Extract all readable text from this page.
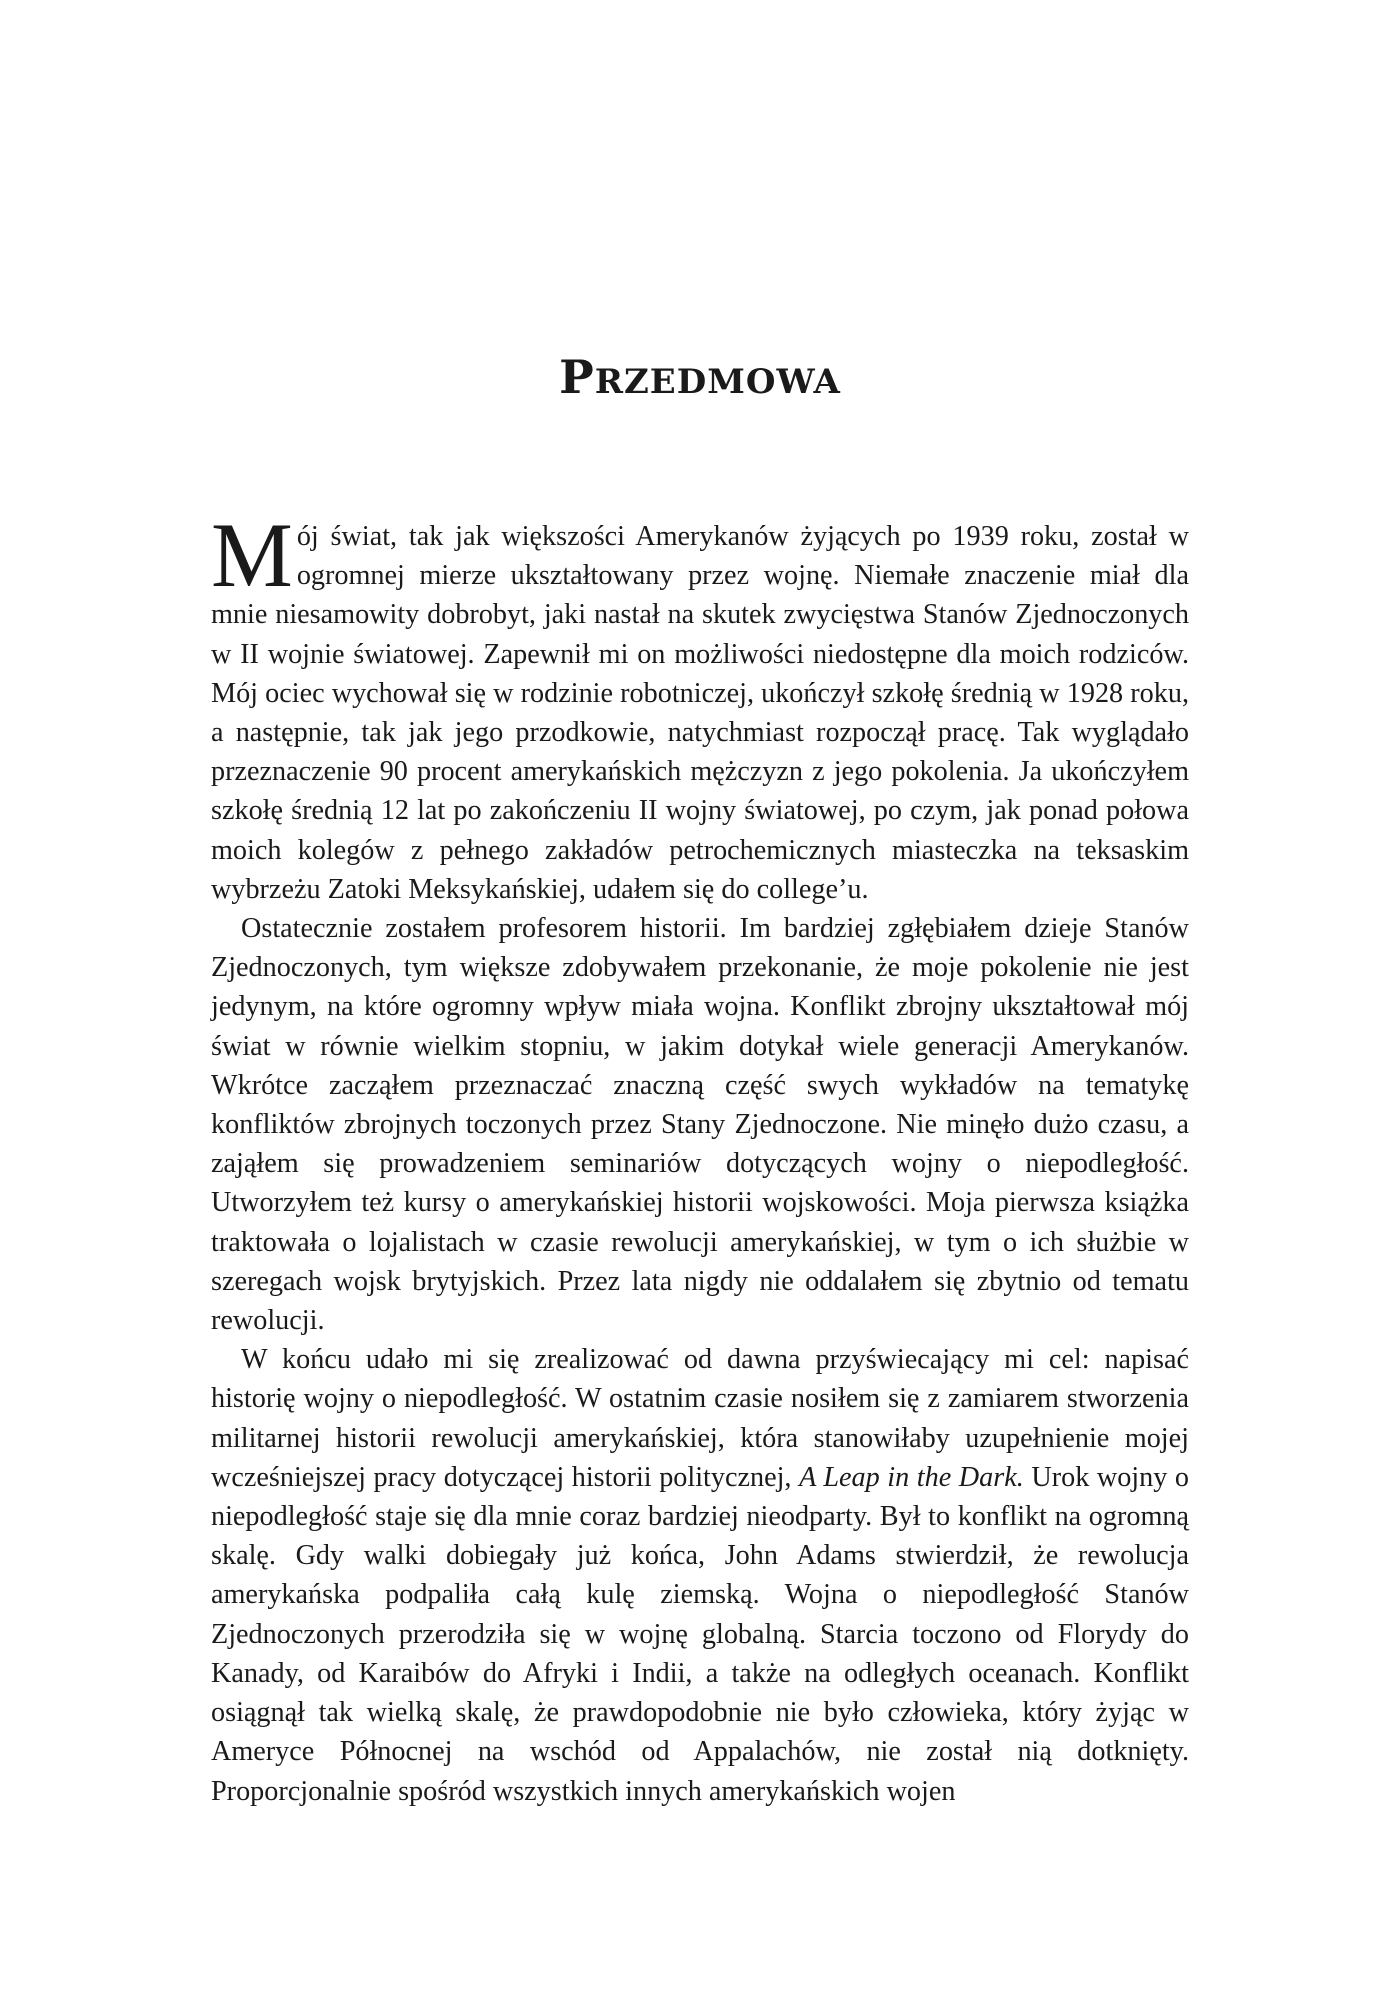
PRZEDMOWA

Mój świat, tak jak większości Amerykanów żyjących po 1939 roku, został w ogromnej mierze ukształtowany przez wojnę. Niemałe znaczenie miał dla mnie niesamowity dobrobyt, jaki nastał na skutek zwycięstwa Stanów Zjednoczonych w II wojnie światowej. Zapewnił mi on możliwości niedostępne dla moich rodziców. Mój ociec wychował się w rodzinie robotniczej, ukończył szkołę średnią w 1928 roku, a następnie, tak jak jego przodkowie, natychmiast rozpoczął pracę. Tak wyglądało przeznaczenie 90 procent amerykańskich mężczyzn z jego pokolenia. Ja ukończyłem szkołę średnią 12 lat po zakończeniu II wojny światowej, po czym, jak ponad połowa moich kolegów z pełnego zakładów petrochemicznych miasteczka na teksaskim wybrzeżu Zatoki Meksykańskiej, udałem się do college’u.

Ostatecznie zostałem profesorem historii. Im bardziej zgłębiałem dzieje Stanów Zjednoczonych, tym większe zdobywałem przekonanie, że moje pokolenie nie jest jedynym, na które ogromny wpływ miała wojna. Konflikt zbrojny ukształtował mój świat w równie wielkim stopniu, w jakim dotykał wiele generacji Amerykanów. Wkrótce zacząłem przeznaczać znaczną część swych wykładów na tematykę konfliktów zbrojnych toczonych przez Stany Zjednoczone. Nie minęło dużo czasu, a zająłem się prowadzeniem seminariów dotyczących wojny o niepodległość. Utworzyłem też kursy o amerykańskiej historii wojskowości. Moja pierwsza książka traktowała o lojalistach w czasie rewolucji amerykańskiej, w tym o ich służbie w szeregach wojsk brytyjskich. Przez lata nigdy nie oddalałem się zbytnio od tematu rewolucji.

W końcu udało mi się zrealizować od dawna przyświecający mi cel: napisać historię wojny o niepodległość. W ostatnim czasie nosiłem się z zamiarem stworzenia militarnej historii rewolucji amerykańskiej, która stanowiłaby uzupełnienie mojej wcześniejszej pracy dotyczącej historii politycznej, A Leap in the Dark. Urok wojny o niepodległość staje się dla mnie coraz bardziej nieodparty. Był to konflikt na ogromną skalę. Gdy walki dobiegały już końca, John Adams stwierdził, że rewolucja amerykańska podpaliła całą kulę ziemską. Wojna o niepodległość Stanów Zjednoczonych przerodziła się w wojnę globalną. Starcia toczono od Florydy do Kanady, od Karaibów do Afryki i Indii, a także na odległych oceanach. Konflikt osiągnął tak wielką skalę, że prawdopodobnie nie było człowieka, który żyjąc w Ameryce Północnej na wschód od Appalachów, nie został nią dotknięty. Proporcjonalnie spośród wszystkich innych amerykańskich wojen
